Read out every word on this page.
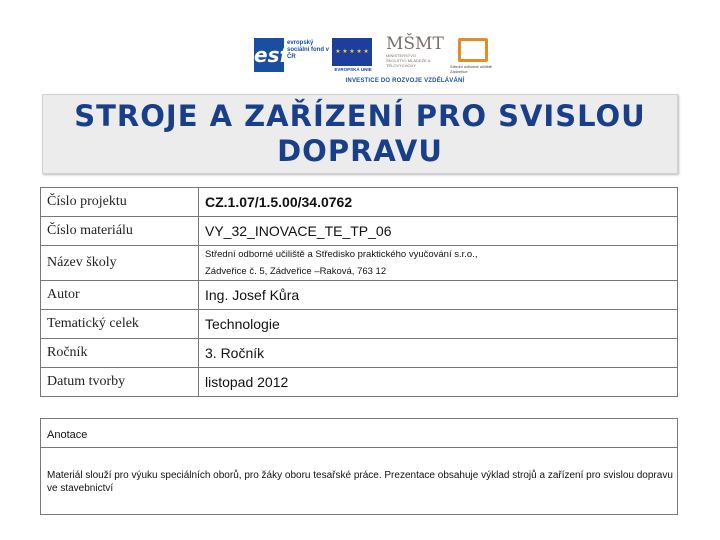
esf
evropský sociální fond v ČR
★ ★ ★ ★ ★
EVROPSKÁ UNIE
MŠMT
MINISTERSTVO ŠKOLSTVÍ, MLÁDEŽE A TĚLOVÝCHOVY	Střední odborné učiliště Zádveřice
INVESTICE DO ROZVOJE VZDĚLÁVÁNÍ
STROJE A ZAŘÍZENÍ PRO SVISLOU DOPRAVU
Číslo projektu	CZ.1.07/1.5.00/34.0762
Číslo materiálu	VY_32_INOVACE_TE_TP_06
Název školy	Střední odborné učiliště a Středisko praktického vyučování s.r.o.,
Zádveřice č. 5, Zádveřice –Raková, 763 12

Autor	Ing. Josef Kůra
Tematický celek	Technologie
Ročník	3. Ročník
Datum tvorby	listopad 2012
Anotace
Materiál slouží pro výuku speciálních oborů, pro žáky oboru tesařské práce. Prezentace obsahuje výklad strojů a zařízení pro svislou dopravu ve stavebnictví
